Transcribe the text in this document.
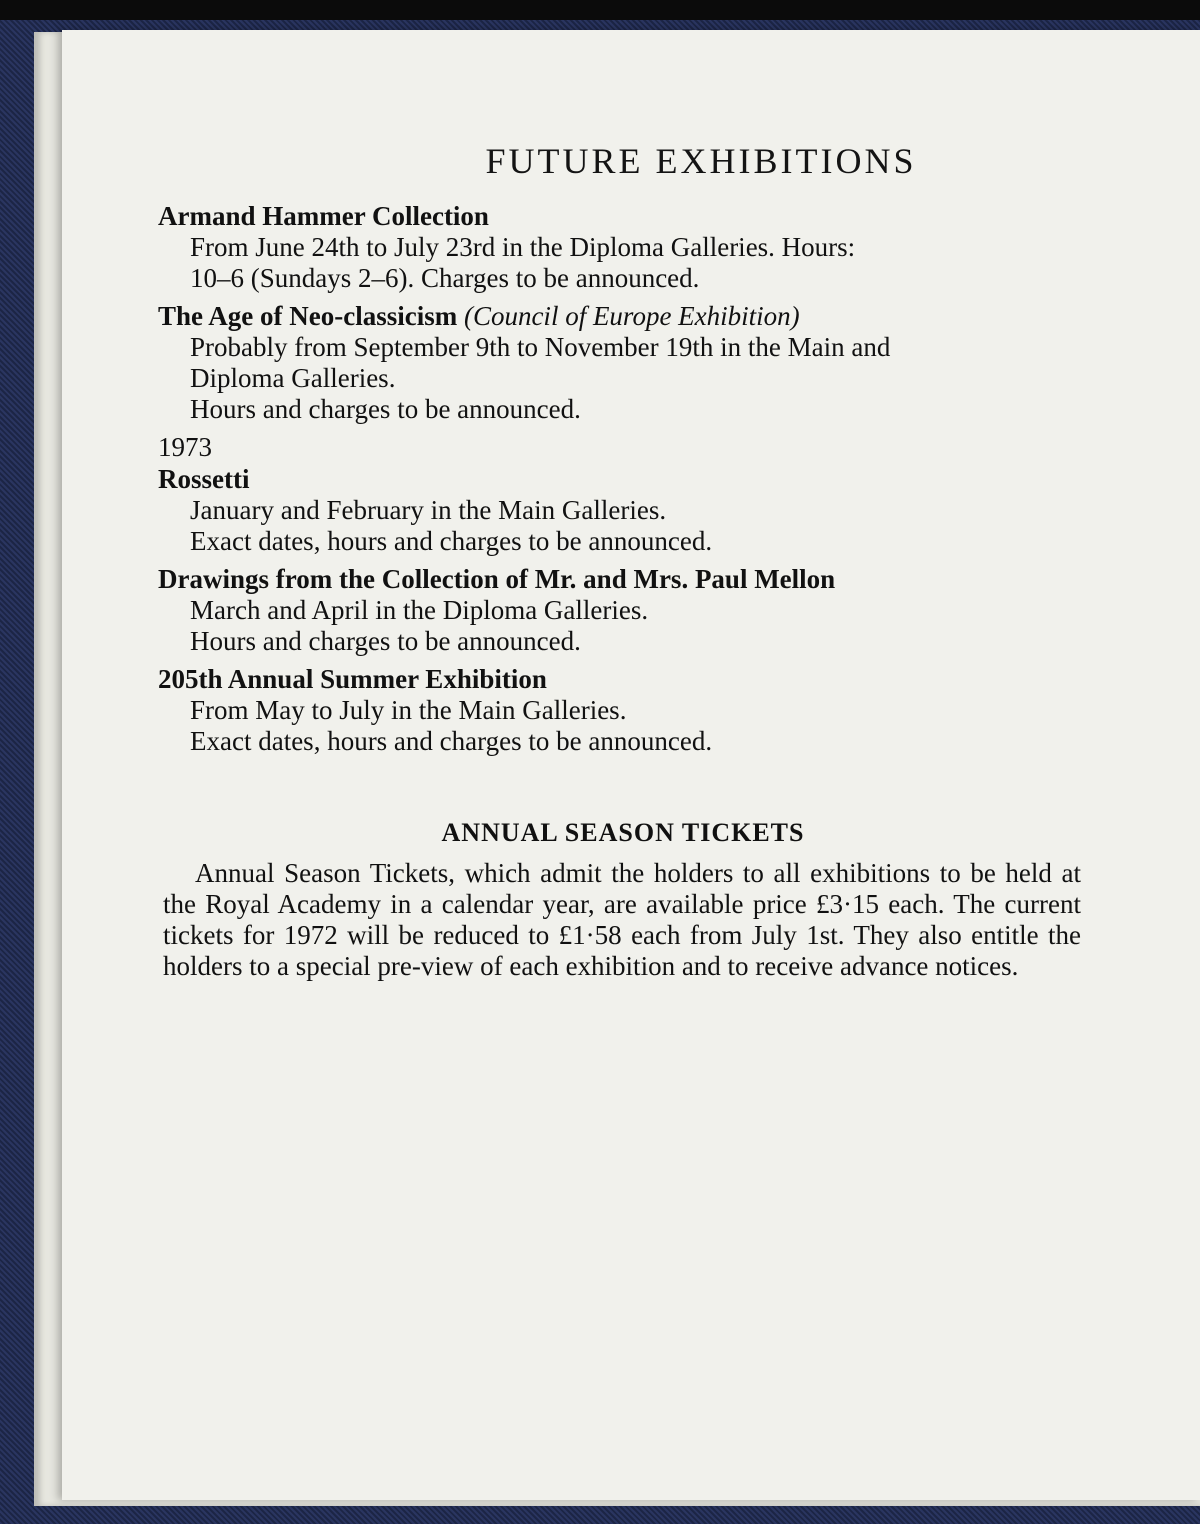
FUTURE EXHIBITIONS
Armand Hammer Collection
From June 24th to July 23rd in the Diploma Galleries. Hours:
10–6 (Sundays 2–6). Charges to be announced.
The Age of Neo-classicism (Council of Europe Exhibition)
Probably from September 9th to November 19th in the Main and
Diploma Galleries.
Hours and charges to be announced.
1973
Rossetti
January and February in the Main Galleries.
Exact dates, hours and charges to be announced.
Drawings from the Collection of Mr. and Mrs. Paul Mellon
March and April in the Diploma Galleries.
Hours and charges to be announced.
205th Annual Summer Exhibition
From May to July in the Main Galleries.
Exact dates, hours and charges to be announced.
ANNUAL SEASON TICKETS

Annual Season Tickets, which admit the holders to all exhibitions to be held at the Royal Academy in a calendar year, are available price £3·15 each. The current tickets for 1972 will be reduced to £1·58 each from July 1st. They also entitle the holders to a special pre-view of each exhibition and to receive advance notices.
